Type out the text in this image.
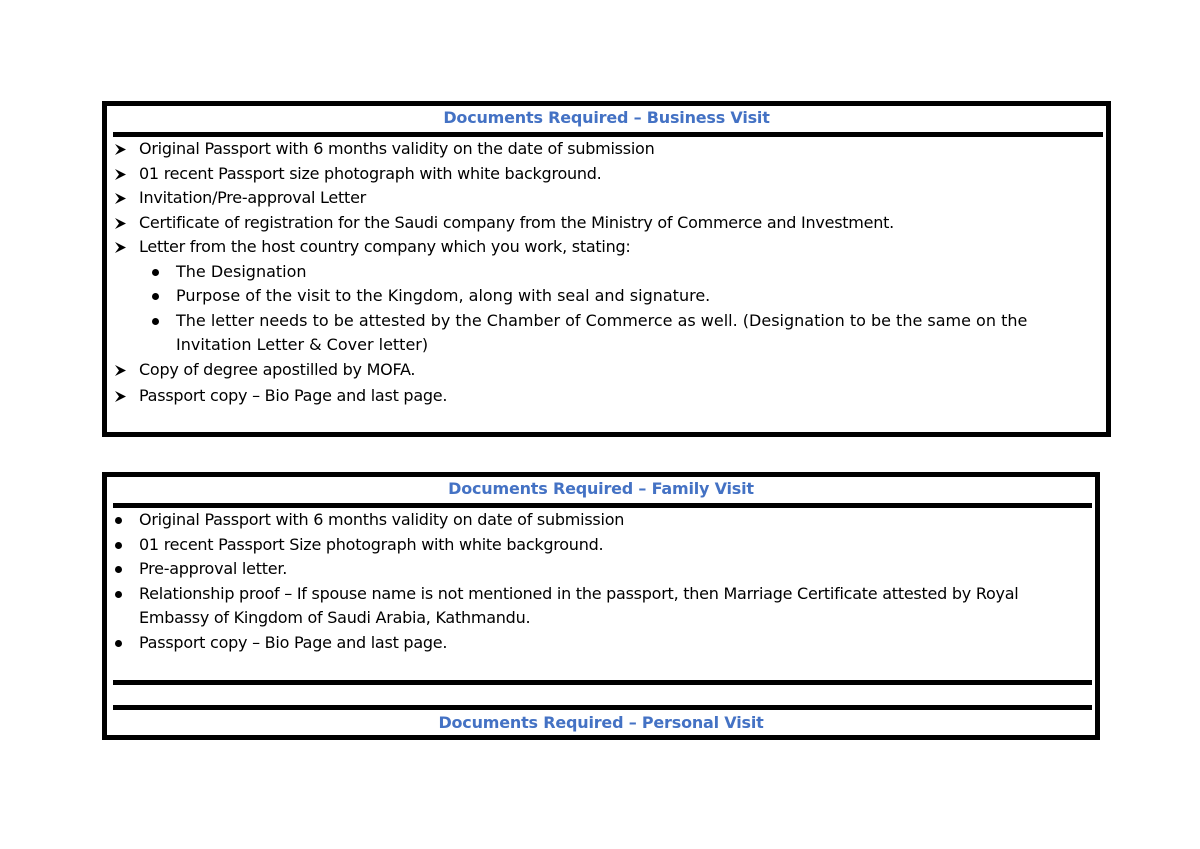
Documents Required – Business Visit
Original Passport with 6 months validity on the date of submission
01 recent Passport size photograph with white background.
Invitation/Pre-approval Letter
Certificate of registration for the Saudi company from the Ministry of Commerce and Investment.
Letter from the host country company which you work, stating:
The Designation
Purpose of the visit to the Kingdom, along with seal and signature.
The letter needs to be attested by the Chamber of Commerce as well. (Designation to be the same on the Invitation Letter & Cover letter)
Copy of degree apostilled by MOFA.
Passport copy – Bio Page and last page.
Documents Required – Family Visit
Original Passport with 6 months validity on date of submission
01 recent Passport Size photograph with white background.
Pre-approval letter.
Relationship proof – If spouse name is not mentioned in the passport, then Marriage Certificate attested by Royal Embassy of Kingdom of Saudi Arabia, Kathmandu.
Passport copy – Bio Page and last page.
Documents Required – Personal Visit
